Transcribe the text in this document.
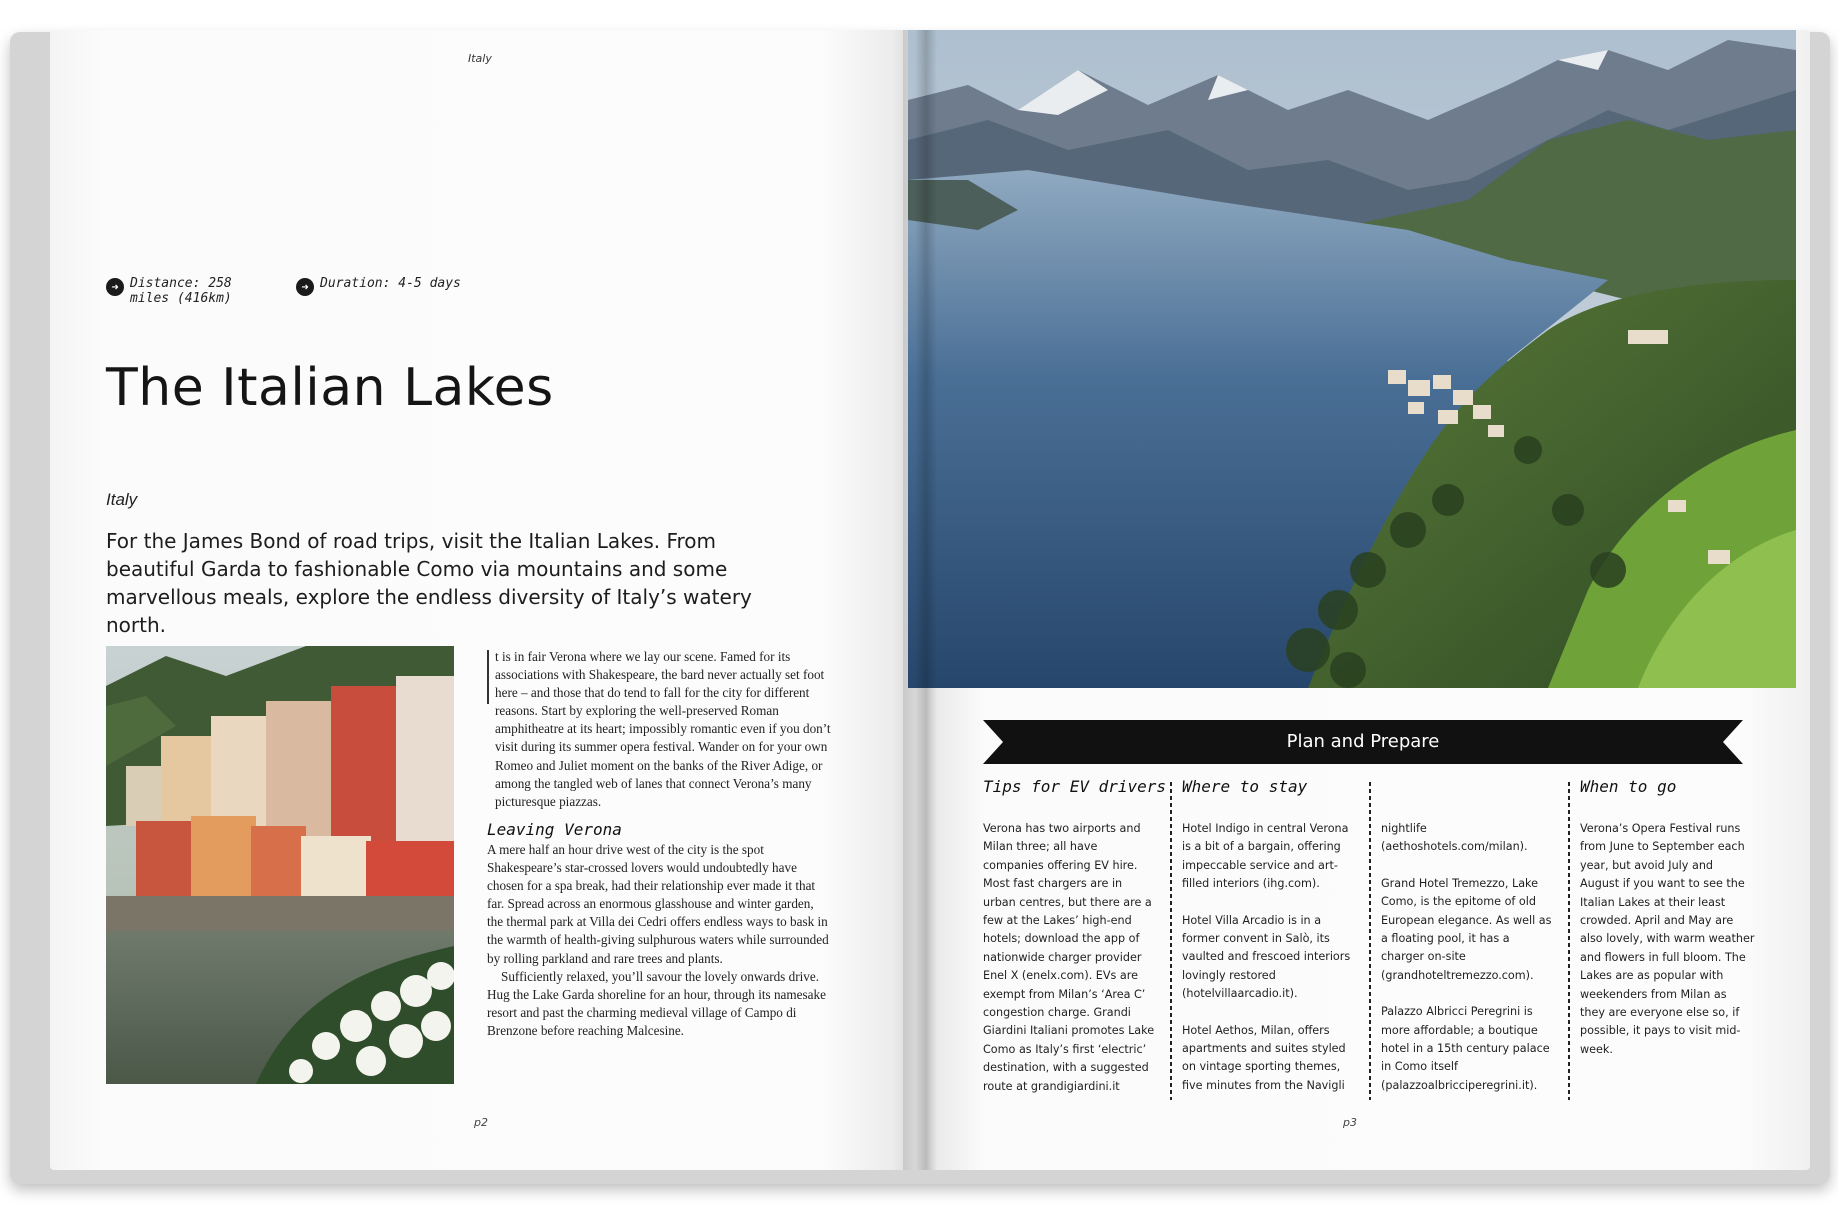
Italy
➜ Distance: 258 miles (416km)
➜ Duration: 4-5 days
The Italian Lakes
Italy
For the James Bond of road trips, visit the Italian Lakes. From beautiful Garda to fashionable Como via mountains and some marvellous meals, explore the endless diversity of Italy’s watery north.

t is in fair Verona where we lay our scene. Famed for its associations with Shakespeare, the bard never actually set foot here – and those that do tend to fall for the city for different reasons. Start by exploring the well-preserved Roman amphitheatre at its heart; impossibly romantic even if you don’t visit during its summer opera festival. Wander on for your own Romeo and Juliet moment on the banks of the River Adige, or among the tangled web of lanes that connect Verona’s many picturesque piazzas.

Leaving Verona

A mere half an hour drive west of the city is the spot Shakespeare’s star-crossed lovers would undoubtedly have chosen for a spa break, had their relationship ever made it that far. Spread across an enormous glasshouse and winter garden, the thermal park at Villa dei Cedri offers endless ways to bask in the warmth of health-giving sulphurous waters while surrounded by rolling parkland and rare trees and plants.

Sufficiently relaxed, you’ll savour the lovely onwards drive. Hug the Lake Garda shoreline for an hour, through its namesake resort and past the charming medieval village of Campo di Brenzone before reaching Malcesine.

p2
Plan and Prepare
Tips for EV drivers

Verona has two airports and Milan three; all have companies offering EV hire. Most fast chargers are in urban centres, but there are a few at the Lakes’ high-end hotels; download the app of nationwide charger provider Enel X (enelx.com). EVs are exempt from Milan’s ‘Area C’ congestion charge. Grandi Giardini Italiani promotes Lake Como as Italy’s first ‘electric’ destination, with a suggested route at grandigiardini.it

Where to stay

Hotel Indigo in central Verona is a bit of a bargain, offering impeccable service and art-filled interiors (ihg.com).

Hotel Villa Arcadio is in a former convent in Salò, its vaulted and frescoed interiors lovingly restored (hotelvillaarcadio.it).

Hotel Aethos, Milan, offers apartments and suites styled on vintage sporting themes, five minutes from the Navigli

nightlife (aethoshotels.com/milan).

Grand Hotel Tremezzo, Lake Como, is the epitome of old European elegance. As well as a floating pool, it has a charger on-site (grandhoteltremezzo.com).

Palazzo Albricci Peregrini is more affordable; a boutique hotel in a 15th century palace in Como itself (palazzoalbricciperegrini.it).

When to go

Verona’s Opera Festival runs from June to September each year, but avoid July and August if you want to see the Italian Lakes at their least crowded. April and May are also lovely, with warm weather and flowers in full bloom. The Lakes are as popular with weekenders from Milan as they are everyone else so, if possible, it pays to visit mid-week.

p3
